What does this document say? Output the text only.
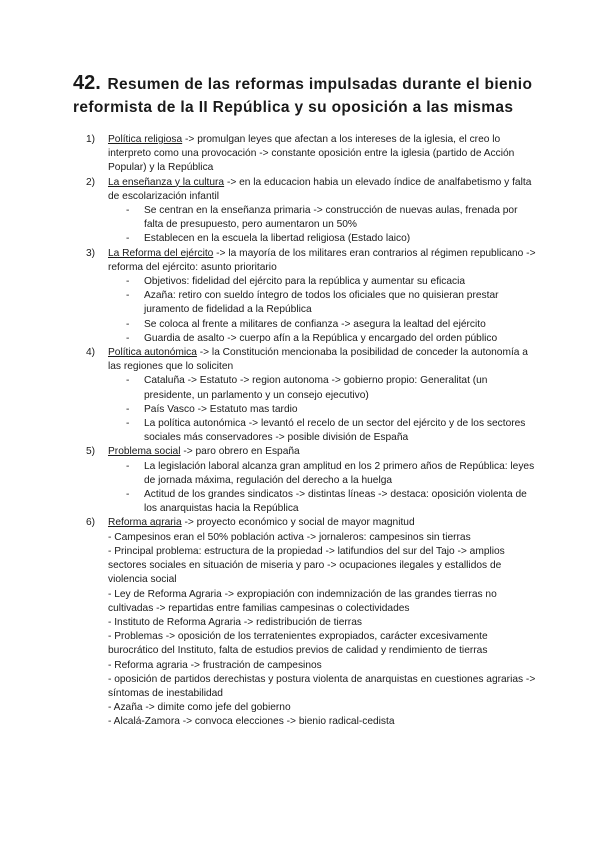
42. Resumen de las reformas impulsadas durante el bienio reformista de la II República y su oposición a las mismas
1)	Política religiosa -> promulgan leyes que afectan a los intereses de la iglesia, el creo lo interpreto como una provocación -> constante oposición entre la iglesia (partido de Acción Popular) y la República
2)	La enseñanza y la cultura -> en la educacion habia un elevado índice de analfabetismo y falta de escolarización infantil
- Se centran en la enseñanza primaria -> construcción de nuevas aulas, frenada por falta de presupuesto, pero aumentaron un 50%
- Establecen en la escuela la libertad religiosa (Estado laico)
3)	La Reforma del ejército -> la mayoría de los militares eran contrarios al régimen republicano -> reforma del ejército: asunto prioritario
- Objetivos: fidelidad del ejército para la república y aumentar su eficacia
- Azaña: retiro con sueldo íntegro de todos los oficiales que no quisieran prestar juramento de fidelidad a la República
- Se coloca al frente a militares de confianza -> asegura la lealtad del ejército
- Guardia de asalto -> cuerpo afín a la República y encargado del orden público
4)	Política autonómica -> la Constitución mencionaba la posibilidad de conceder la autonomía a las regiones que lo soliciten
- Cataluña -> Estatuto -> region autonoma -> gobierno propio: Generalitat (un presidente, un parlamento y un consejo ejecutivo)
- País Vasco -> Estatuto mas tardio
- La política autonómica -> levantó el recelo de un sector del ejército y de los sectores sociales más conservadores -> posible división de España
5)	Problema social -> paro obrero en España
- La legislación laboral alcanza gran amplitud en los 2 primero años de República: leyes de jornada máxima, regulación del derecho a la huelga
- Actitud de los grandes sindicatos -> distintas líneas -> destaca: oposición violenta de los anarquistas hacia la República
6)	Reforma agraria -> proyecto económico y social de mayor magnitud
- Campesinos eran el 50% población activa -> jornaleros: campesinos sin tierras
- Principal problema: estructura de la propiedad -> latifundios del sur del Tajo -> amplios sectores sociales en situación de miseria y paro -> ocupaciones ilegales y estallidos de violencia social
- Ley de Reforma Agraria -> expropiación con indemnización de las grandes tierras no cultivadas -> repartidas entre familias campesinas o colectividades
- Instituto de Reforma Agraria -> redistribución de tierras
- Problemas -> oposición de los terratenientes expropiados, carácter excesivamente burocrático del Instituto, falta de estudios previos de calidad y rendimiento de tierras
- Reforma agraria -> frustración de campesinos
- oposición de partidos derechistas y postura violenta de anarquistas en cuestiones agrarias -> síntomas de inestabilidad
- Azaña -> dimite como jefe del gobierno
- Alcalá-Zamora -> convoca elecciones -> bienio radical-cedista
